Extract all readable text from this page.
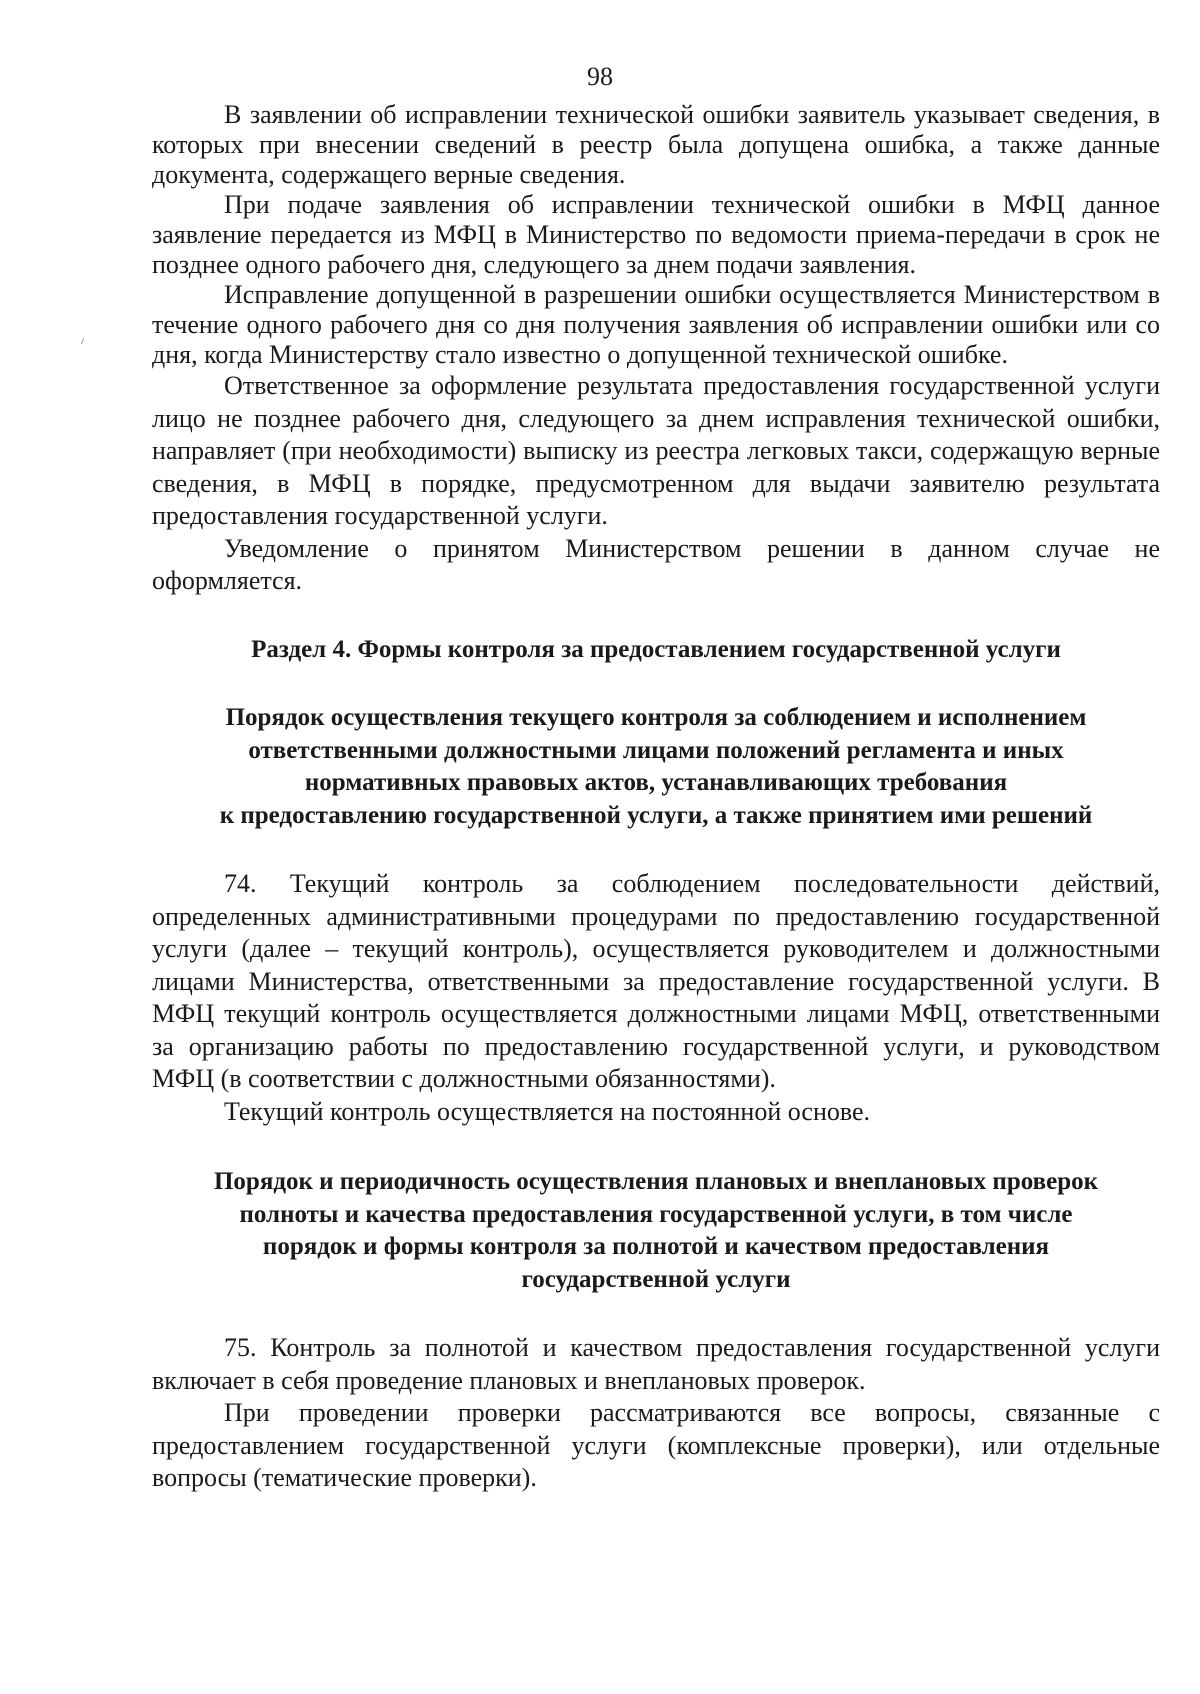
98

В заявлении об исправлении технической ошибки заявитель указывает сведения, в которых при внесении сведений в реестр была допущена ошибка, а также данные документа, содержащего верные сведения.

При подаче заявления об исправлении технической ошибки в МФЦ данное заявление передается из МФЦ в Министерство по ведомости приема-передачи в срок не позднее одного рабочего дня, следующего за днем подачи заявления.

Исправление допущенной в разрешении ошибки осуществляется Министерством в течение одного рабочего дня со дня получения заявления об исправлении ошибки или со дня, когда Министерству стало известно о допущенной технической ошибке.

Ответственное за оформление результата предоставления государственной услуги лицо не позднее рабочего дня, следующего за днем исправления технической ошибки, направляет (при необходимости) выписку из реестра легковых такси, содержащую верные сведения, в МФЦ в порядке, предусмотренном для выдачи заявителю результата предоставления государственной услуги.

Уведомление о принятом Министерством решении в данном случае не оформляется.

Раздел 4. Формы контроля за предоставлением государственной услуги

Порядок осуществления текущего контроля за соблюдением и исполнением

ответственными должностными лицами положений регламента и иных

нормативных правовых актов, устанавливающих требования

к предоставлению государственной услуги, а также принятием ими решений

74. Текущий контроль за соблюдением последовательности действий, определенных административными процедурами по предоставлению государственной услуги (далее – текущий контроль), осуществляется руководителем и должностными лицами Министерства, ответственными за предоставление государственной услуги. В МФЦ текущий контроль осуществляется должностными лицами МФЦ, ответственными за организацию работы по предоставлению государственной услуги, и руководством МФЦ (в соответствии с должностными обязанностями).

Текущий контроль осуществляется на постоянной основе.

Порядок и периодичность осуществления плановых и внеплановых проверок

полноты и качества предоставления государственной услуги, в том числе

порядок и формы контроля за полнотой и качеством предоставления

государственной услуги

75. Контроль за полнотой и качеством предоставления государственной услуги включает в себя проведение плановых и внеплановых проверок.

При проведении проверки рассматриваются все вопросы, связанные с предоставлением государственной услуги (комплексные проверки), или отдельные вопросы (тематические проверки).
